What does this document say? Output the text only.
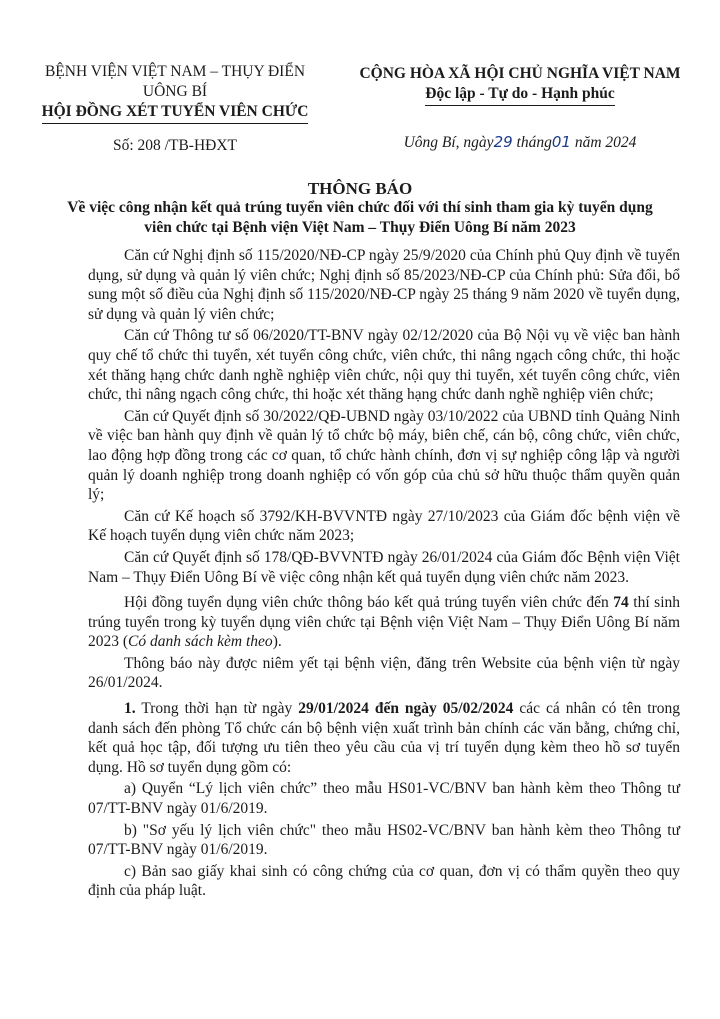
BỆNH VIỆN VIỆT NAM – THỤY ĐIỂN
UÔNG BÍ
HỘI ĐỒNG XÉT TUYỂN VIÊN CHỨC
Số: 208 /TB-HĐXT
CỘNG HÒA XÃ HỘI CHỦ NGHĨA VIỆT NAM
Độc lập - Tự do - Hạnh phúc
Uông Bí, ngày29 tháng01 năm 2024
THÔNG BÁO
Về việc công nhận kết quả trúng tuyển viên chức đối với thí sinh tham gia kỳ tuyển dụng viên chức tại Bệnh viện Việt Nam – Thụy Điển Uông Bí năm 2023

Căn cứ Nghị định số 115/2020/NĐ-CP ngày 25/9/2020 của Chính phủ Quy định về tuyển dụng, sử dụng và quản lý viên chức; Nghị định số 85/2023/NĐ-CP của Chính phủ: Sửa đổi, bổ sung một số điều của Nghị định số 115/2020/NĐ-CP ngày 25 tháng 9 năm 2020 về tuyển dụng, sử dụng và quản lý viên chức;

Căn cứ Thông tư số 06/2020/TT-BNV ngày 02/12/2020 của Bộ Nội vụ về việc ban hành quy chế tổ chức thi tuyển, xét tuyển công chức, viên chức, thi nâng ngạch công chức, thi hoặc xét thăng hạng chức danh nghề nghiệp viên chức, nội quy thi tuyển, xét tuyển công chức, viên chức, thi nâng ngạch công chức, thi hoặc xét thăng hạng chức danh nghề nghiệp viên chức;

Căn cứ Quyết định số 30/2022/QĐ-UBND ngày 03/10/2022 của UBND tỉnh Quảng Ninh về việc ban hành quy định về quản lý tổ chức bộ máy, biên chế, cán bộ, công chức, viên chức, lao động hợp đồng trong các cơ quan, tổ chức hành chính, đơn vị sự nghiệp công lập và người quản lý doanh nghiệp trong doanh nghiệp có vốn góp của chủ sở hữu thuộc thẩm quyền quản lý;

Căn cứ Kế hoạch số 3792/KH-BVVNTĐ ngày 27/10/2023 của Giám đốc bệnh viện về Kế hoạch tuyển dụng viên chức năm 2023;

Căn cứ Quyết định số 178/QĐ-BVVNTĐ ngày 26/01/2024 của Giám đốc Bệnh viện Việt Nam – Thụy Điển Uông Bí về việc công nhận kết quả tuyển dụng viên chức năm 2023.

Hội đồng tuyển dụng viên chức thông báo kết quả trúng tuyển viên chức đến 74 thí sinh trúng tuyển trong kỳ tuyển dụng viên chức tại Bệnh viện Việt Nam – Thụy Điển Uông Bí năm 2023 (Có danh sách kèm theo).

Thông báo này được niêm yết tại bệnh viện, đăng trên Website của bệnh viện từ ngày 26/01/2024.

1. Trong thời hạn từ ngày 29/01/2024 đến ngày 05/02/2024 các cá nhân có tên trong danh sách đến phòng Tổ chức cán bộ bệnh viện xuất trình bản chính các văn bằng, chứng chỉ, kết quả học tập, đối tượng ưu tiên theo yêu cầu của vị trí tuyển dụng kèm theo hồ sơ tuyển dụng. Hồ sơ tuyển dụng gồm có:

a) Quyển “Lý lịch viên chức” theo mẫu HS01-VC/BNV ban hành kèm theo Thông tư 07/TT-BNV ngày 01/6/2019.

b) "Sơ yếu lý lịch viên chức" theo mẫu HS02-VC/BNV ban hành kèm theo Thông tư 07/TT-BNV ngày 01/6/2019.

c) Bản sao giấy khai sinh có công chứng của cơ quan, đơn vị có thẩm quyền theo quy định của pháp luật.
